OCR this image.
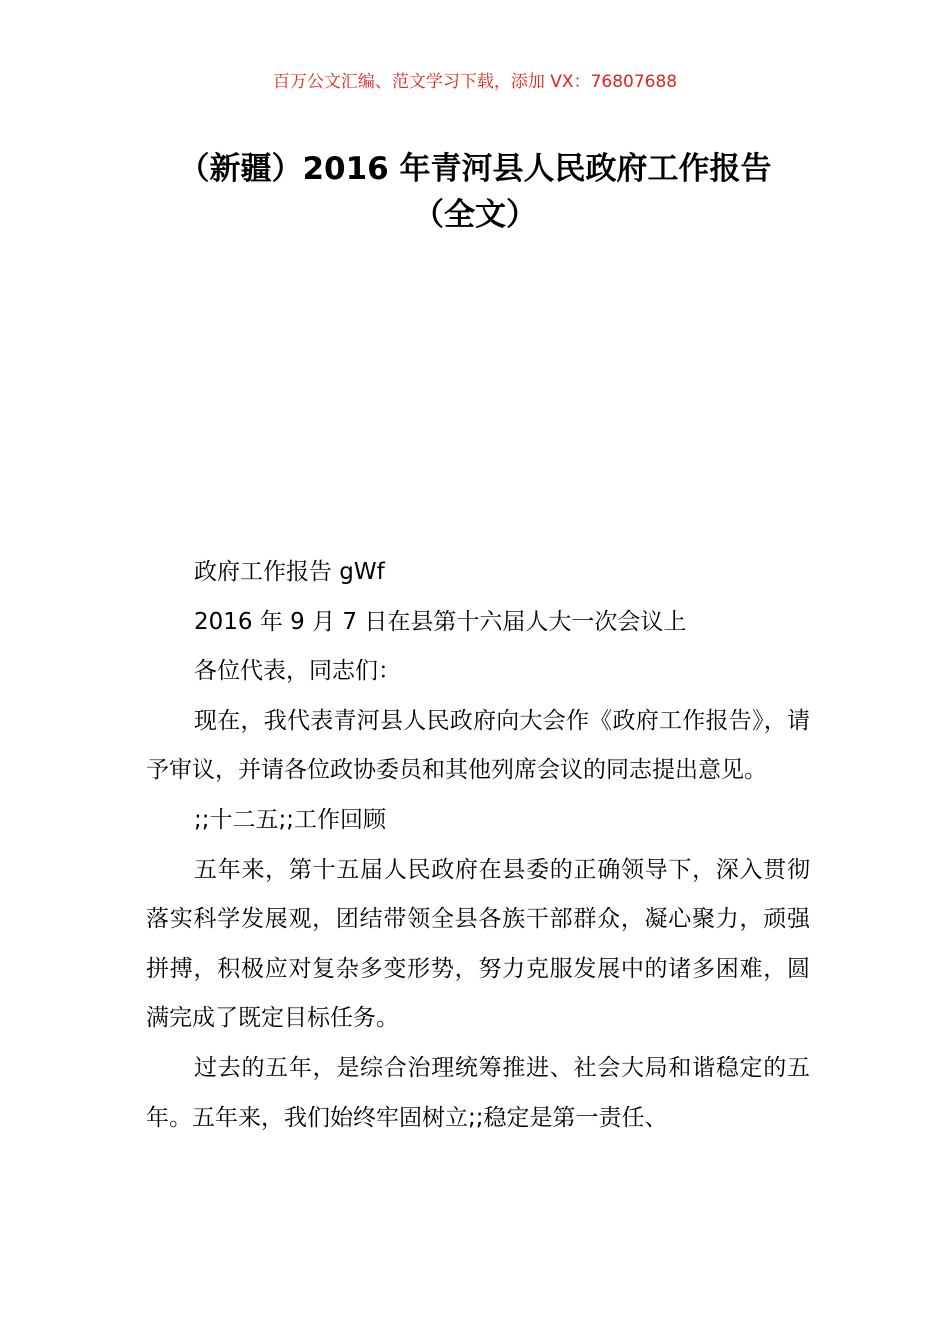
百万公文汇编、范文学习下载，添加 VX：76807688
（新疆）2016 年青河县人民政府工作报告
（全文）

政府工作报告 gWf

2016 年 9 月 7 日在县第十六届人大一次会议上

各位代表，同志们：

现在，我代表青河县人民政府向大会作《政府工作报告》，请予审议，并请各位政协委员和其他列席会议的同志提出意见。

;;十二五;;工作回顾

五年来，第十五届人民政府在县委的正确领导下，深入贯彻落实科学发展观，团结带领全县各族干部群众，凝心聚力，顽强拼搏，积极应对复杂多变形势，努力克服发展中的诸多困难，圆满完成了既定目标任务。

过去的五年，是综合治理统筹推进、社会大局和谐稳定的五年。五年来，我们始终牢固树立;;稳定是第一责任、
